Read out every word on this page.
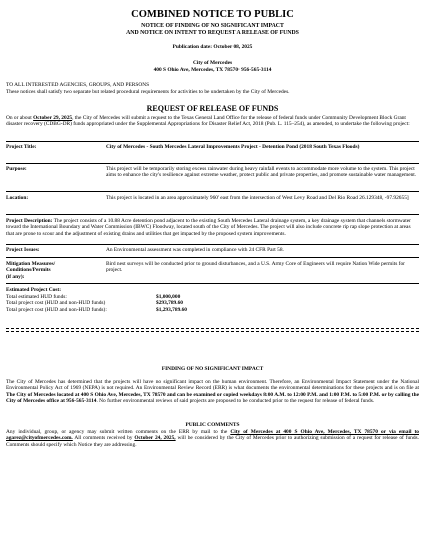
COMBINED NOTICE TO PUBLIC
NOTICE OF FINDING OF NO SIGNIFICANT IMPACT
AND NOTICE ON INTENT TO REQUEST A RELEASE OF FUNDS
Publication date: October 08, 2025
City of Mercedes
400 S Ohio Ave, Mercedes, TX 78570· 956-565-3114
TO ALL INTERESTED AGENCIES, GROUPS, AND PERSONS
These notices shall satisfy two separate but related procedural requirements for activities to be undertaken by the City of Mercedes.
REQUEST OF RELEASE OF FUNDS
On or about October 29, 2025, the City of Mercedes will submit a request to the Texas General Land Office for the release of federal funds under Community Development Block Grant disaster recovery (CDBG-DR) funds appropriated under the Supplemental Appropriations for Disaster Relief Act, 2018 (Pub. L. 115–254), as amended, to undertake the following project:
Project Title:	City of Mercedes - South Mercedes Lateral Improvements Project - Detention Pond (2018 South Texas Floods)
Purpose:	This project will be temporarily storing excess rainwater during heavy rainfall events to accommodate more volume to the system. This project aims to enhance the city's resilience against extreme weather, protect public and private properties, and promote sustainable water management.
Location:	This project is located in an area approximately 960' east from the intersection of West Levy Road and Del Rio Road 26.129348, -97.92655]
Project Description: The project consists of a 10.88 Acre detention pond adjacent to the existing South Mercedes Lateral drainage system, a key drainage system that channels stormwater toward the International Boundary and Water Commission (IBWC) Floodway, located south of the City of Mercedes. The project will also include concrete rip rap slope protection at areas that are prone to scour and the adjustment of existing drains and utilities that get impacted by the proposed system improvements.
Project Issues:	An Environmental assessment was completed in compliance with 24 CFR Part 58.
Mitigation Measures/
Conditions/Permits
(if any):
Bird nest surveys will be conducted prior to ground disturbances, and a U.S. Army Core of Engineers will require Nation Wide permits for project.
Estimated Project Cost:
Total estimated HUD funds:	$1,000,000
Total project cost (HUD and non-HUD funds)	$293,789.60
Total project cost (HUD and non-HUD funds):	$1,293,789.60
FINDING OF NO SIGNIFICANT IMPACT
The City of Mercedes has determined that the projects will have no significant impact on the human environment. Therefore, an Environmental Impact Statement under the National Environmental Policy Act of 1969 (NEPA) is not required. An Environmental Review Record (ERR) is what documents the environmental determinations for these projects and is on file at The City of Mercedes located at 400 S Ohio Ave, Mercedes, TX 78570 and can be examined or copied weekdays 8:00 A.M. to 12:00 P.M. and 1:00 P.M. to 5:00 P.M. or by calling the City of Mercedes office at 956-565-3114. No further environmental reviews of said projects are proposed to be conducted prior to the request for release of federal funds.
PUBLIC COMMENTS
Any individual, group, or agency may submit written comments on the ERR by mail to the City of Mercedes at 400 S Ohio Ave, Mercedes, TX 78570 or via email to agarez@cityofmercedes.com. All comments received by October 24, 2025, will be considered by the City of Mercedes prior to authorizing submission of a request for release of funds. Comments should specify which Notice they are addressing.
